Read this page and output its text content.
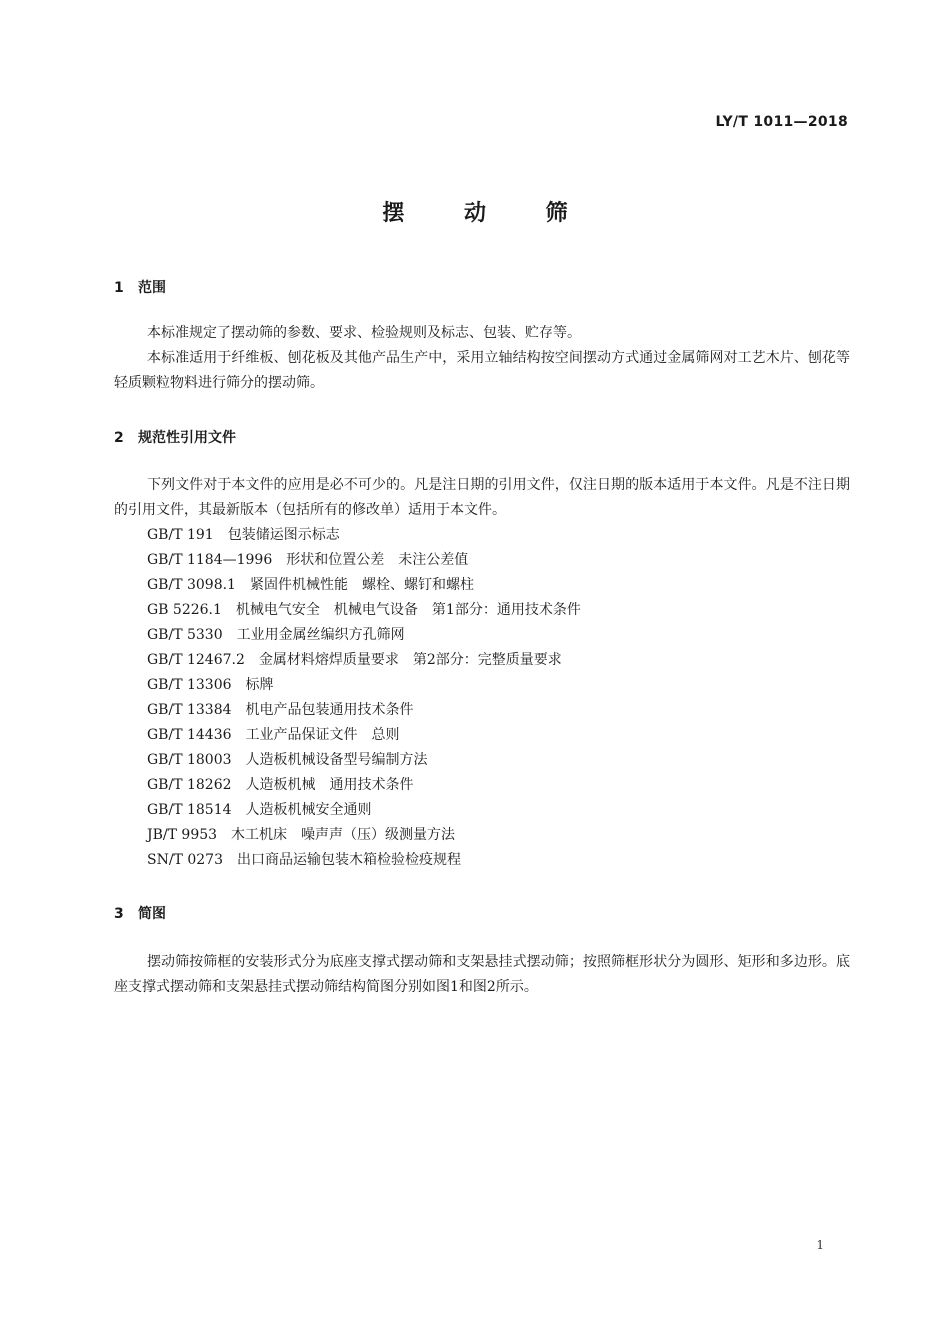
LY/T 1011—2018
摆 动 筛
1 范围
本标准规定了摆动筛的参数、要求、检验规则及标志、包装、贮存等。
本标准适用于纤维板、刨花板及其他产品生产中，采用立轴结构按空间摆动方式通过金属筛网对工艺木片、刨花等轻质颗粒物料进行筛分的摆动筛。
2 规范性引用文件
下列文件对于本文件的应用是必不可少的。凡是注日期的引用文件，仅注日期的版本适用于本文件。凡是不注日期的引用文件，其最新版本（包括所有的修改单）适用于本文件。
GB/T 191 包装储运图示标志
GB/T 1184—1996 形状和位置公差　未注公差值
GB/T 3098.1 紧固件机械性能　螺栓、螺钉和螺柱
GB 5226.1 机械电气安全　机械电气设备　第1部分：通用技术条件
GB/T 5330 工业用金属丝编织方孔筛网
GB/T 12467.2 金属材料熔焊质量要求　第2部分：完整质量要求
GB/T 13306 标牌
GB/T 13384 机电产品包装通用技术条件
GB/T 14436 工业产品保证文件　总则
GB/T 18003 人造板机械设备型号编制方法
GB/T 18262 人造板机械　通用技术条件
GB/T 18514 人造板机械安全通则
JB/T 9953 木工机床　噪声声（压）级测量方法
SN/T 0273 出口商品运输包装木箱检验检疫规程
3 简图
摆动筛按筛框的安装形式分为底座支撑式摆动筛和支架悬挂式摆动筛；按照筛框形状分为圆形、矩形和多边形。底座支撑式摆动筛和支架悬挂式摆动筛结构简图分别如图1和图2所示。
1
